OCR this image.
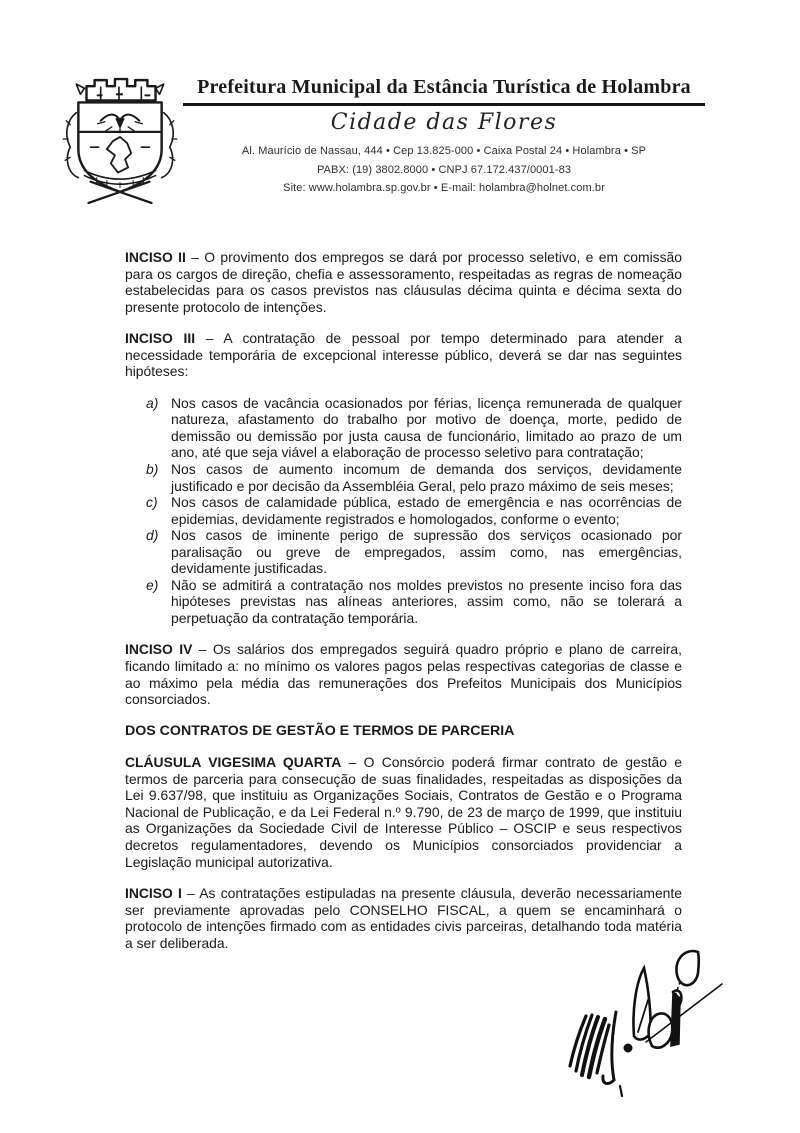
Prefeitura Municipal da Estância Turística de Holambra
Cidade das Flores
Al. Maurício de Nassau, 444 • Cep 13.825-000 • Caixa Postal 24 • Holambra • SP
PABX: (19) 3802.8000 • CNPJ 67.172.437/0001-83
Site: www.holambra.sp.gov.br • E-mail: holambra@holnet.com.br

INCISO II – O provimento dos empregos se dará por processo seletivo, e em comissão para os cargos de direção, chefia e assessoramento, respeitadas as regras de nomeação estabelecidas para os casos previstos nas cláusulas décima quinta e décima sexta do presente protocolo de intenções.

INCISO III – A contratação de pessoal por tempo determinado para atender a necessidade temporária de excepcional interesse público, deverá se dar nas seguintes hipóteses:

a) Nos casos de vacância ocasionados por férias, licença remunerada de qualquer natureza, afastamento do trabalho por motivo de doença, morte, pedido de demissão ou demissão por justa causa de funcionário, limitado ao prazo de um ano, até que seja viável a elaboração de processo seletivo para contratação;
b) Nos casos de aumento incomum de demanda dos serviços, devidamente justificado e por decisão da Assembléia Geral, pelo prazo máximo de seis meses;
c) Nos casos de calamidade pública, estado de emergência e nas ocorrências de epidemias, devidamente registrados e homologados, conforme o evento;
d) Nos casos de iminente perigo de supressão dos serviços ocasionado por paralisação ou greve de empregados, assim como, nas emergências, devidamente justificadas.
e) Não se admitirá a contratação nos moldes previstos no presente inciso fora das hipóteses previstas nas alíneas anteriores, assim como, não se tolerará a perpetuação da contratação temporária.

INCISO IV – Os salários dos empregados seguirá quadro próprio e plano de carreira, ficando limitado a: no mínimo os valores pagos pelas respectivas categorias de classe e ao máximo pela média das remunerações dos Prefeitos Municipais dos Municípios consorciados.

DOS CONTRATOS DE GESTÃO E TERMOS DE PARCERIA

CLÁUSULA VIGESIMA QUARTA – O Consórcio poderá firmar contrato de gestão e termos de parceria para consecução de suas finalidades, respeitadas as disposições da Lei 9.637/98, que instituiu as Organizações Sociais, Contratos de Gestão e o Programa Nacional de Publicação, e da Lei Federal n.º 9.790, de 23 de março de 1999, que instituiu as Organizações da Sociedade Civil de Interesse Público – OSCIP e seus respectivos decretos regulamentadores, devendo os Municípios consorciados providenciar a Legislação municipal autorizativa.

INCISO I – As contratações estipuladas na presente cláusula, deverão necessariamente ser previamente aprovadas pelo CONSELHO FISCAL, a quem se encaminhará o protocolo de intenções firmado com as entidades civis parceiras, detalhando toda matéria a ser deliberada.
